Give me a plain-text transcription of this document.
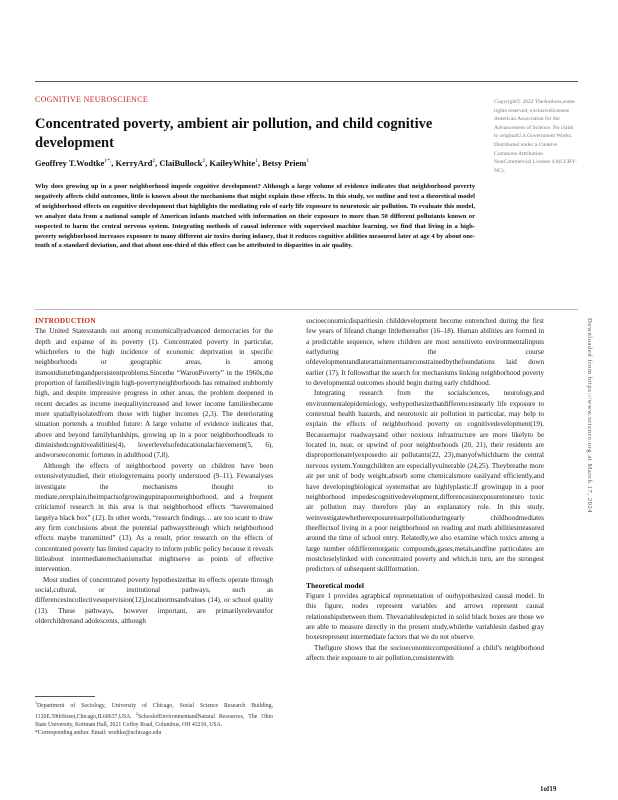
COGNITIVE NEUROSCIENCE
Concentrated poverty, ambient air pollution, and child cognitive development
Geoffrey T.Wodtke$^{1*,}$, KerryArd$^2$, ClaiBullock$^2$, KaileyWhite$^1$, Betsy Priem$^1$
Why does growing up in a poor neighborhood impede cognitive development? Although a large volume of evidence indicates that neighborhood poverty negatively affects child outcomes, little is known about the mechanisms that might explain these effects. In this study, we outline and test a theoretical model of neighborhood effects on cognitive development that highlights the mediating role of early life exposure to neurotoxic air pollution. To evaluate this model, we analyze data from a national sample of American infants matched with information on their exposure to more than 50 different pollutants known or suspected to harm the central nervous system. Integrating methods of causal inference with supervised machine learning, we find that living in a high-poverty neighborhood increases exposure to many different air toxics during infancy, that it reduces cognitive abilities measured later at age 4 by about one-tenth of a standard deviation, and that about one-third of this effect can be attributed to disparities in air quality.
Copyright© 2022 TheAuthors,some rights reserved; exclusivelicensee American Association for the Advancement of Science. No claim to originalU.S.Government Works. Distributed under a Creative Commons Attribution NonCommercial License 4.0(CCBY-NC).
INTRODUCTION

The United Statesstands out among economicallyadvanced democracies for the depth and expanse of its poverty (1). Concentrated poverty in particular, whichrefers to the high incidence of economic deprivation in specific neighborhoods or geographic areas, is among itsmostdisturbingandpersistentproblems.Sincethe “WaronPoverty” in the 1960s,the proportion of familieslivingin high-povertyneighborhoods has remained stubbornly high, and despite impressive progress in other areas, the problem deepened in recent decades as income inequalityincreased and lower income familiesbecame more spatiallyisolatedfrom those with higher incomes (2,3). The deteriorating situation portends a troubled future: A large volume of evidence indicates that, above and beyond familyhardships, growing up in a poor neighborhoodleads to diminishedcognitiveabilities(4), lowerlevelsofeducationalachievement(5, 6), andworseeconomic fortunes in adulthood (7,8).

Although the effects of neighborhood poverty on children have been extensivelystudied, their etiologyremains poorly understood (9–11). Fewanalyses investigate the mechanisms thought to mediate,orexplain,theimpactsofgrowingupinapoorneighborhood, and a frequent criticismof research in this area is that neighborhood effects “haveremained largelya black box” (12). In other words, “research findings… are too scant to draw any firm conclusions about the potential pathwaysthrough which neighborhood effects maybe transmitted” (13). As a result, prior research on the effects of concentrated poverty has limited capacity to inform public policy because it reveals littleabout intermediatemechanismsthat mightserve as points of effective intervention.

Most studies of concentrated poverty hypothesizethat its effects operate through social,cultural, or institutional pathways, such as differencesincollectivesupervision(12),localnormsandvalues (14), or school quality (13). These pathways, however important, are primarilyrelevantfor olderchildrenand adolescents, although

$^1$Department of Sociology, University of Chicago, Social Science Research Building, 1126E.59thStreet,Chicago,IL60637,USA. $^2$SchoolofEnvironmentandNatural Resources, The Ohio State University, Kottman Hall, 2021 Coffey Road, Columbus, OH 43210, USA.
*Corresponding author. Email: wodtke@uchicago.edu

socioeconomicdisparitiesin childdevelopment become entrenched during the first few years of lifeand change littlethereafter (16–18). Human abilities are formed in a predictable sequence, where children are most sensitiveto environmentalinputs earlyduring the course ofdevelopmentandlaterattainmentsareconstrainedbythefoundations laid down earlier (17). It followsthat the search for mechanisms linking neighborhood poverty to developmental outcomes should begin during early childhood.

Integrating research from the socialsciences, neurology,and environmentalepidemiology, wehypothesizethatdifferencesinearly life exposure to contextual health hazards, and neurotoxic air pollution in particular, may help to explain the effects of neighborhood poverty on cognitivedevelopment(19). Becausemajor roadwaysand other noxious infrastructure are more likelyto be located in, near, or upwind of poor neighborhoods (20, 21), their residents are disproportionatelyexposedto air pollutants(22, 23),manyofwhichharm the central nervous system.Youngchildren are especiallyvulnerable (24,25). Theybreathe more air per unit of body weight,absorb some chemicalsmore easilyand efficiently,and have developingbiological systemsthat are highlyplastic.If growingup in a poor neighborhood impedescognitivedevelopment,differencesinexposuretoneuro toxic air pollution may therefore play an explanatory role. In this study, weinvestigatewhetherexposuretoairpollutionduringearly childhoodmediates theeffectsof living in a poor neighborhood on reading and math abilitiesmeasured around the time of school entry. Relatedly,we also examine which toxics among a large number ofdifferentorganic compounds,gases,metals,andfine particulates are mostcloselylinked with concentrated poverty and which,in turn, are the strongest predictors of subsequent skillformation.

Theoretical model

Figure 1 provides agraphical representation of ourhypothesized causal model. In this figure, nodes represent variables and arrows represent causal relationshipsbetween them. Thevariablesdepicted in solid black boxes are those we are able to measure directly in the present study,whilethe variablesin dashed gray boxesrepresent intermediate factors that we do not observe.

Thefigure shows that the socioeconomiccompositionof a child’s neighborhood affects their exposure to air pollution,consistentwith

Downloaded from https://www.science.org at March 17, 2024
1of19
